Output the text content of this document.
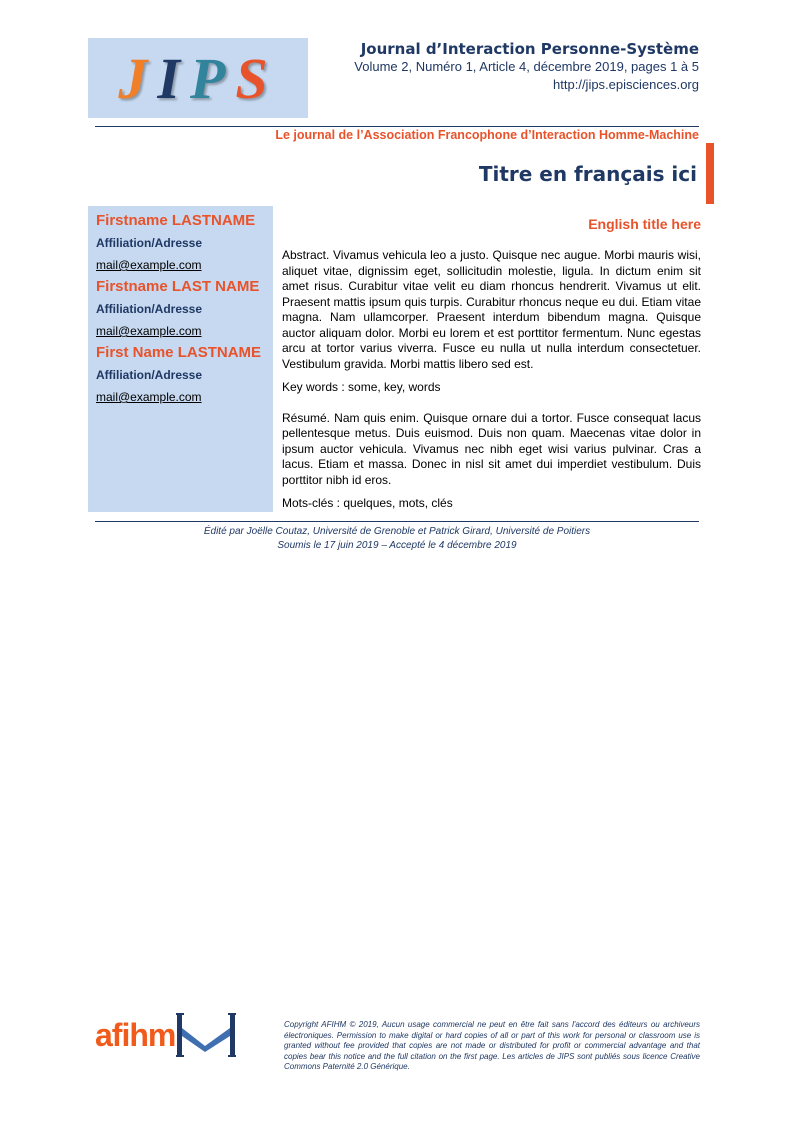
J I P S	Journal d’Interaction Personne-Système
Volume 2, Numéro 1, Article 4, décembre 2019, pages 1 à 5
http://jips.episciences.org
Le journal de l’Association Francophone d’Interaction Homme-Machine
Titre en français ici
Firstname LASTNAME
Affiliation/Adresse
mail@example.com
Firstname LAST NAME
Affiliation/Adresse
mail@example.com
First Name LASTNAME
Affiliation/Adresse
mail@example.com
English title here
Abstract. Vivamus vehicula leo a justo. Quisque nec augue. Morbi mauris wisi, aliquet vitae, dignissim eget, sollicitudin molestie, ligula. In dictum enim sit amet risus. Curabitur vitae velit eu diam rhoncus hendrerit. Vivamus ut elit. Praesent mattis ipsum quis turpis. Curabitur rhoncus neque eu dui. Etiam vitae magna. Nam ullamcorper. Praesent interdum bibendum magna. Quisque auctor aliquam dolor. Morbi eu lorem et est porttitor fermentum. Nunc egestas arcu at tortor varius viverra. Fusce eu nulla ut nulla interdum consectetuer. Vestibulum gravida. Morbi mattis libero sed est.
Key words : some, key, words
Résumé. Nam quis enim. Quisque ornare dui a tortor. Fusce consequat lacus pellentesque metus. Duis euismod. Duis non quam. Maecenas vitae dolor in ipsum auctor vehicula. Vivamus nec nibh eget wisi varius pulvinar. Cras a lacus. Etiam et massa. Donec in nisl sit amet dui imperdiet vestibulum. Duis porttitor nibh id eros.
Mots-clés : quelques, mots, clés
Édité par Joëlle Coutaz, Université de Grenoble et Patrick Girard, Université de Poitiers
Soumis le 17 juin 2019 – Accepté le 4 décembre 2019
afihm	Copyright AFIHM © 2019, Aucun usage commercial ne peut en être fait sans l'accord des éditeurs ou archiveurs électroniques. Permission to make digital or hard copies of all or part of this work for personal or classroom use is granted without fee provided that copies are not made or distributed for profit or commercial advantage and that copies bear this notice and the full citation on the first page. Les articles de JIPS sont publiés sous licence Creative Commons Paternité 2.0 Générique.
